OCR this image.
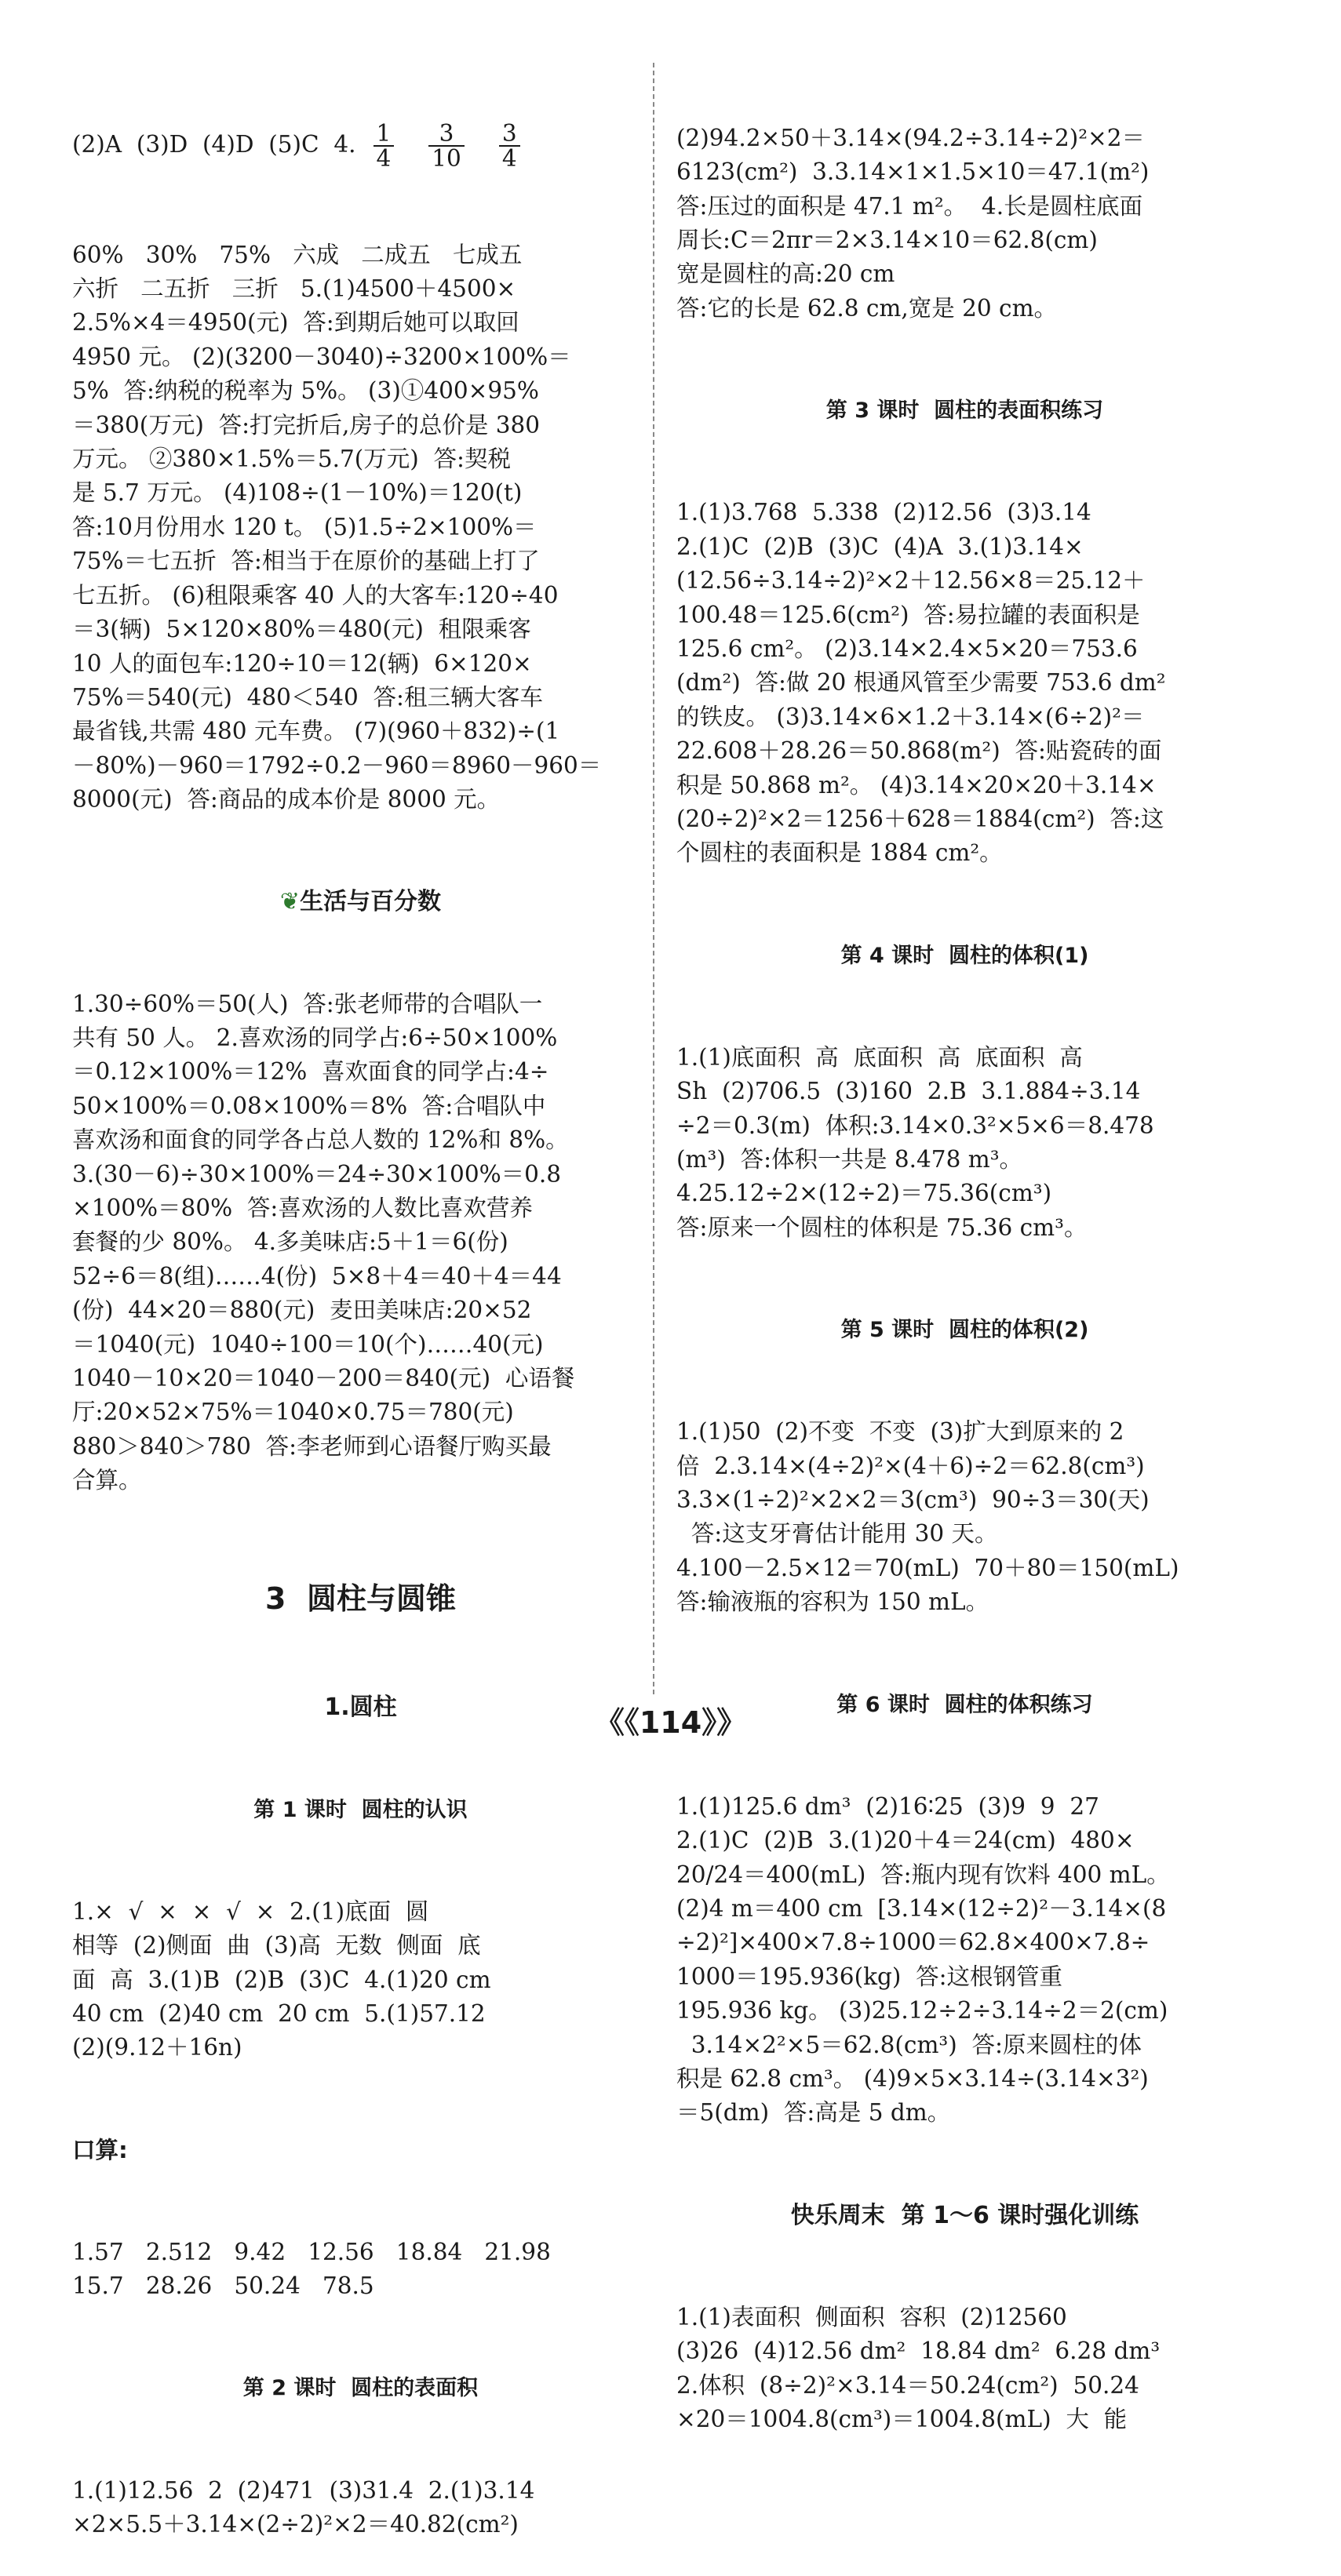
(2)A  (3)D  (4)D  (5)C  4. $\frac{1}{4} \frac{3}{10} \frac{3}{4}$

60%   30%   75%   六成   二成五   七成五
六折   二五折   三折   5.(1)4500＋4500×
2.5%×4＝4950(元)  答:到期后她可以取回
4950 元。 (2)(3200－3040)÷3200×100%＝
5%  答:纳税的税率为 5%。 (3)①400×95%
＝380(万元)  答:打完折后,房子的总价是 380
万元。 ②380×1.5%＝5.7(万元)  答:契税
是 5.7 万元。 (4)108÷(1－10%)＝120(t)
答:10月份用水 120 t。 (5)1.5÷2×100%＝
75%＝七五折  答:相当于在原价的基础上打了
七五折。 (6)租限乘客 40 人的大客车:120÷40
＝3(辆)  5×120×80%＝480(元)  租限乘客
10 人的面包车:120÷10＝12(辆)  6×120×
75%＝540(元)  480＜540  答:租三辆大客车
最省钱,共需 480 元车费。 (7)(960＋832)÷(1
－80%)－960＝1792÷0.2－960＝8960－960＝
8000(元)  答:商品的成本价是 8000 元。

❦生活与百分数

1.30÷60%＝50(人)  答:张老师带的合唱队一
共有 50 人。 2.喜欢汤的同学占:6÷50×100%
＝0.12×100%＝12%  喜欢面食的同学占:4÷
50×100%＝0.08×100%＝8%  答:合唱队中
喜欢汤和面食的同学各占总人数的 12%和 8%。
3.(30－6)÷30×100%＝24÷30×100%＝0.8
×100%＝80%  答:喜欢汤的人数比喜欢营养
套餐的少 80%。 4.多美味店:5＋1＝6(份)
52÷6＝8(组)……4(份)  5×8＋4＝40＋4＝44
(份)  44×20＝880(元)  麦田美味店:20×52
＝1040(元)  1040÷100＝10(个)……40(元)
1040－10×20＝1040－200＝840(元)  心语餐
厅:20×52×75%＝1040×0.75＝780(元)
880＞840＞780  答:李老师到心语餐厅购买最
合算。

3  圆柱与圆锥

1.圆柱

第 1 课时  圆柱的认识

1.×  √  ×  ×  √  ×  2.(1)底面  圆
相等  (2)侧面  曲  (3)高  无数  侧面  底
面  高  3.(1)B  (2)B  (3)C  4.(1)20 cm
40 cm  (2)40 cm  20 cm  5.(1)57.12
(2)(9.12＋16n)

口算:

1.57   2.512   9.42   12.56   18.84   21.98
15.7   28.26   50.24   78.5

第 2 课时  圆柱的表面积

1.(1)12.56  2  (2)471  (3)31.4  2.(1)3.14
×2×5.5＋3.14×(2÷2)²×2＝40.82(cm²)

(2)94.2×50＋3.14×(94.2÷3.14÷2)²×2＝
6123(cm²)  3.3.14×1×1.5×10＝47.1(m²)
答:压过的面积是 47.1 m²。  4.长是圆柱底面
周长:C＝2πr＝2×3.14×10＝62.8(cm)
宽是圆柱的高:20 cm
答:它的长是 62.8 cm,宽是 20 cm。

第 3 课时  圆柱的表面积练习

1.(1)3.768  5.338  (2)12.56  (3)3.14
2.(1)C  (2)B  (3)C  (4)A  3.(1)3.14×
(12.56÷3.14÷2)²×2＋12.56×8＝25.12＋
100.48＝125.6(cm²)  答:易拉罐的表面积是
125.6 cm²。 (2)3.14×2.4×5×20＝753.6
(dm²)  答:做 20 根通风管至少需要 753.6 dm²
的铁皮。 (3)3.14×6×1.2＋3.14×(6÷2)²＝
22.608＋28.26＝50.868(m²)  答:贴瓷砖的面
积是 50.868 m²。 (4)3.14×20×20＋3.14×
(20÷2)²×2＝1256＋628＝1884(cm²)  答:这
个圆柱的表面积是 1884 cm²。

第 4 课时  圆柱的体积(1)

1.(1)底面积  高  底面积  高  底面积  高
Sh  (2)706.5  (3)160  2.B  3.1.884÷3.14
÷2＝0.3(m)  体积:3.14×0.3²×5×6＝8.478
(m³)  答:体积一共是 8.478 m³。
4.25.12÷2×(12÷2)＝75.36(cm³)
答:原来一个圆柱的体积是 75.36 cm³。

第 5 课时  圆柱的体积(2)

1.(1)50  (2)不变  不变  (3)扩大到原来的 2
倍  2.3.14×(4÷2)²×(4＋6)÷2＝62.8(cm³)
3.3×(1÷2)²×2×2＝3(cm³)  90÷3＝30(天)
答:这支牙膏估计能用 30 天。
4.100－2.5×12＝70(mL)  70＋80＝150(mL)
答:输液瓶的容积为 150 mL。

第 6 课时  圆柱的体积练习

1.(1)125.6 dm³  (2)16∶25  (3)9  9  27
2.(1)C  (2)B  3.(1)20＋4＝24(cm)  480×
20/24＝400(mL)  答:瓶内现有饮料 400 mL。
(2)4 m＝400 cm  [3.14×(12÷2)²－3.14×(8
÷2)²]×400×7.8÷1000＝62.8×400×7.8÷
1000＝195.936(kg)  答:这根钢管重
195.936 kg。 (3)25.12÷2÷3.14÷2＝2(cm)
3.14×2²×5＝62.8(cm³)  答:原来圆柱的体
积是 62.8 cm³。 (4)9×5×3.14÷(3.14×3²)
＝5(dm)  答:高是 5 dm。

快乐周末  第 1～6 课时强化训练

1.(1)表面积  侧面积  容积  (2)12560
(3)26  (4)12.56 dm²  18.84 dm²  6.28 dm³
2.体积  (8÷2)²×3.14＝50.24(cm²)  50.24
×20＝1004.8(cm³)＝1004.8(mL)  大  能

《《114》》
